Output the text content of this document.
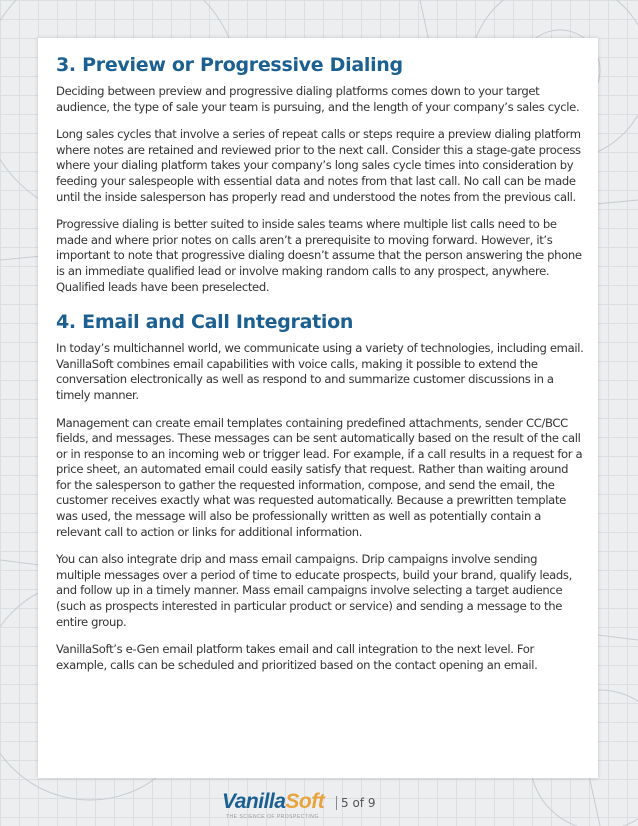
3. Preview or Progressive Dialing

Deciding between preview and progressive dialing platforms comes down to your target audience, the type of sale your team is pursuing, and the length of your company’s sales cycle.

Long sales cycles that involve a series of repeat calls or steps require a preview dialing platform where notes are retained and reviewed prior to the next call. Consider this a stage-gate process where your dialing platform takes your company’s long sales cycle times into consideration by feeding your salespeople with essential data and notes from that last call. No call can be made until the inside salesperson has properly read and understood the notes from the previous call.

Progressive dialing is better suited to inside sales teams where multiple list calls need to be made and where prior notes on calls aren’t a prerequisite to moving forward. However, it’s important to note that progressive dialing doesn’t assume that the person answering the phone is an immediate qualified lead or involve making random calls to any prospect, anywhere. Qualified leads have been preselected.

4. Email and Call Integration

In today’s multichannel world, we communicate using a variety of technologies, including email. VanillaSoft combines email capabilities with voice calls, making it possible to extend the conversation electronically as well as respond to and summarize customer discussions in a timely manner.

Management can create email templates containing predefined attachments, sender CC/BCC fields, and messages. These messages can be sent automatically based on the result of the call or in response to an incoming web or trigger lead. For example, if a call results in a request for a price sheet, an automated email could easily satisfy that request. Rather than waiting around for the salesperson to gather the requested information, compose, and send the email, the customer receives exactly what was requested automatically. Because a prewritten template was used, the message will also be professionally written as well as potentially contain a relevant call to action or links for additional information.

You can also integrate drip and mass email campaigns. Drip campaigns involve sending multiple messages over a period of time to educate prospects, build your brand, qualify leads, and follow up in a timely manner. Mass email campaigns involve selecting a target audience (such as prospects interested in particular product or service) and sending a message to the entire group.

VanillaSoft’s e-Gen email platform takes email and call integration to the next level. For example, calls can be scheduled and prioritized based on the contact opening an email.

VanillaSoft
THE SCIENCE OF PROSPECTING
5 of 9
